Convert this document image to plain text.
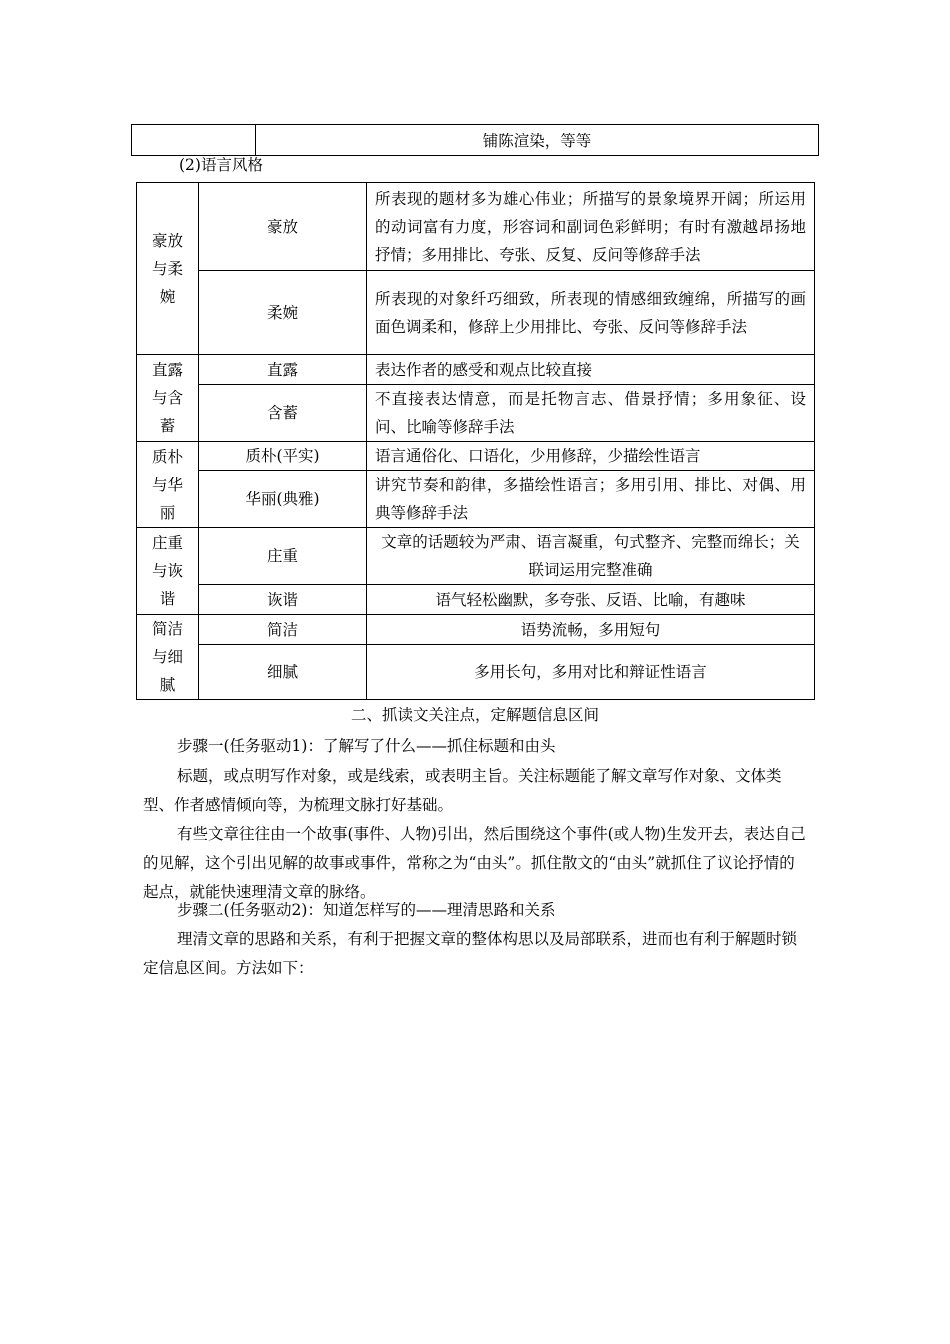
	铺陈渲染，等等
(2)语言风格
豪放
与柔
婉	豪放	所表现的题材多为雄心伟业；所描写的景象境界开阔；所运用的动词富有力度，形容词和副词色彩鲜明；有时有激越昂扬地抒情；多用排比、夸张、反复、反问等修辞手法
	柔婉	所表现的对象纤巧细致，所表现的情感细致缠绵，所描写的画面色调柔和，修辞上少用排比、夸张、反问等修辞手法
直露
与含
蓄	直露	表达作者的感受和观点比较直接
	含蓄	不直接表达情意，而是托物言志、借景抒情；多用象征、设问、比喻等修辞手法
质朴
与华
丽	质朴(平实)	语言通俗化、口语化，少用修辞，少描绘性语言
	华丽(典雅)	讲究节奏和韵律，多描绘性语言；多用引用、排比、对偶、用典等修辞手法
庄重
与诙
谐	庄重	文章的话题较为严肃、语言凝重，句式整齐、完整而绵长；关联词运用完整准确
	诙谐	语气轻松幽默，多夸张、反语、比喻，有趣味
简洁
与细
腻	简洁	语势流畅，多用短句
	细腻	多用长句，多用对比和辩证性语言
二、抓读文关注点，定解题信息区间
步骤一(任务驱动1)：了解写了什么——抓住标题和由头
标题，或点明写作对象，或是线索，或表明主旨。关注标题能了解文章写作对象、文体类型、作者感情倾向等，为梳理文脉打好基础。
有些文章往往由一个故事(事件、人物)引出，然后围绕这个事件(或人物)生发开去，表达自己的见解，这个引出见解的故事或事件，常称之为“由头”。抓住散文的“由头”就抓住了议论抒情的起点，就能快速理清文章的脉络。
步骤二(任务驱动2)：知道怎样写的——理清思路和关系
理清文章的思路和关系，有利于把握文章的整体构思以及局部联系，进而也有利于解题时锁定信息区间。方法如下：
